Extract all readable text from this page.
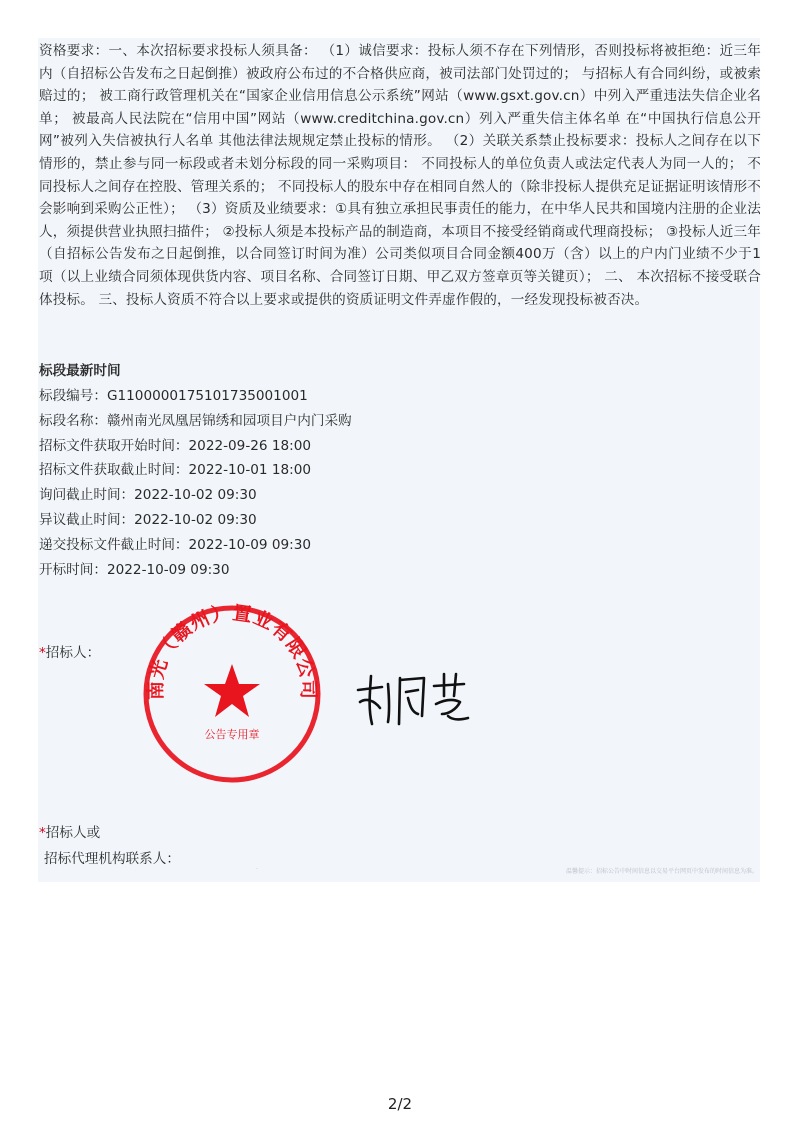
资格要求：一、本次招标要求投标人须具备： （1）诚信要求：投标人须不存在下列情形，否则投标将被拒绝：近三年内（自招标公告发布之日起倒推）被政府公布过的不合格供应商，被司法部门处罚过的； 与招标人有合同纠纷，或被索赔过的； 被工商行政管理机关在“国家企业信用信息公示系统”网站（www.gsxt.gov.cn）中列入严重违法失信企业名单； 被最高人民法院在“信用中国”网站（www.creditchina.gov.cn）列入严重失信主体名单 在“中国执行信息公开网”被列入失信被执行人名单 其他法律法规规定禁止投标的情形。 （2）关联关系禁止投标要求：投标人之间存在以下情形的，禁止参与同一标段或者未划分标段的同一采购项目： 不同投标人的单位负责人或法定代表人为同一人的； 不同投标人之间存在控股、管理关系的； 不同投标人的股东中存在相同自然人的（除非投标人提供充足证据证明该情形不会影响到采购公正性）； （3）资质及业绩要求：①具有独立承担民事责任的能力，在中华人民共和国境内注册的企业法人，须提供营业执照扫描件； ②投标人须是本投标产品的制造商，本项目不接受经销商或代理商投标； ③投标人近三年（自招标公告发布之日起倒推，以合同签订时间为准）公司类似项目合同金额400万（含）以上的户内门业绩不少于1项（以上业绩合同须体现供货内容、项目名称、合同签订日期、甲乙双方签章页等关键页）； 二、 本次招标不接受联合体投标。 三、投标人资质不符合以上要求或提供的资质证明文件弄虚作假的，一经发现投标被否决。

标段最新时间

标段编号：G1100000175101735001001
标段名称：赣州南光凤凰居锦绣和园项目户内门采购
招标文件获取开始时间：2022-09-26 18:00
招标文件获取截止时间：2022-10-01 18:00
询问截止时间：2022-10-02 09:30
异议截止时间：2022-10-02 09:30
递交投标文件截止时间：2022-10-09 09:30
开标时间：2022-10-09 09:30

*招标人：

南光（赣州）置业有限公司
公告专用章

*招标人或

招标代理机构联系人：

·	温馨提示：招标公告中时间信息以交易平台网页中发布的时间信息为准。

2/2
